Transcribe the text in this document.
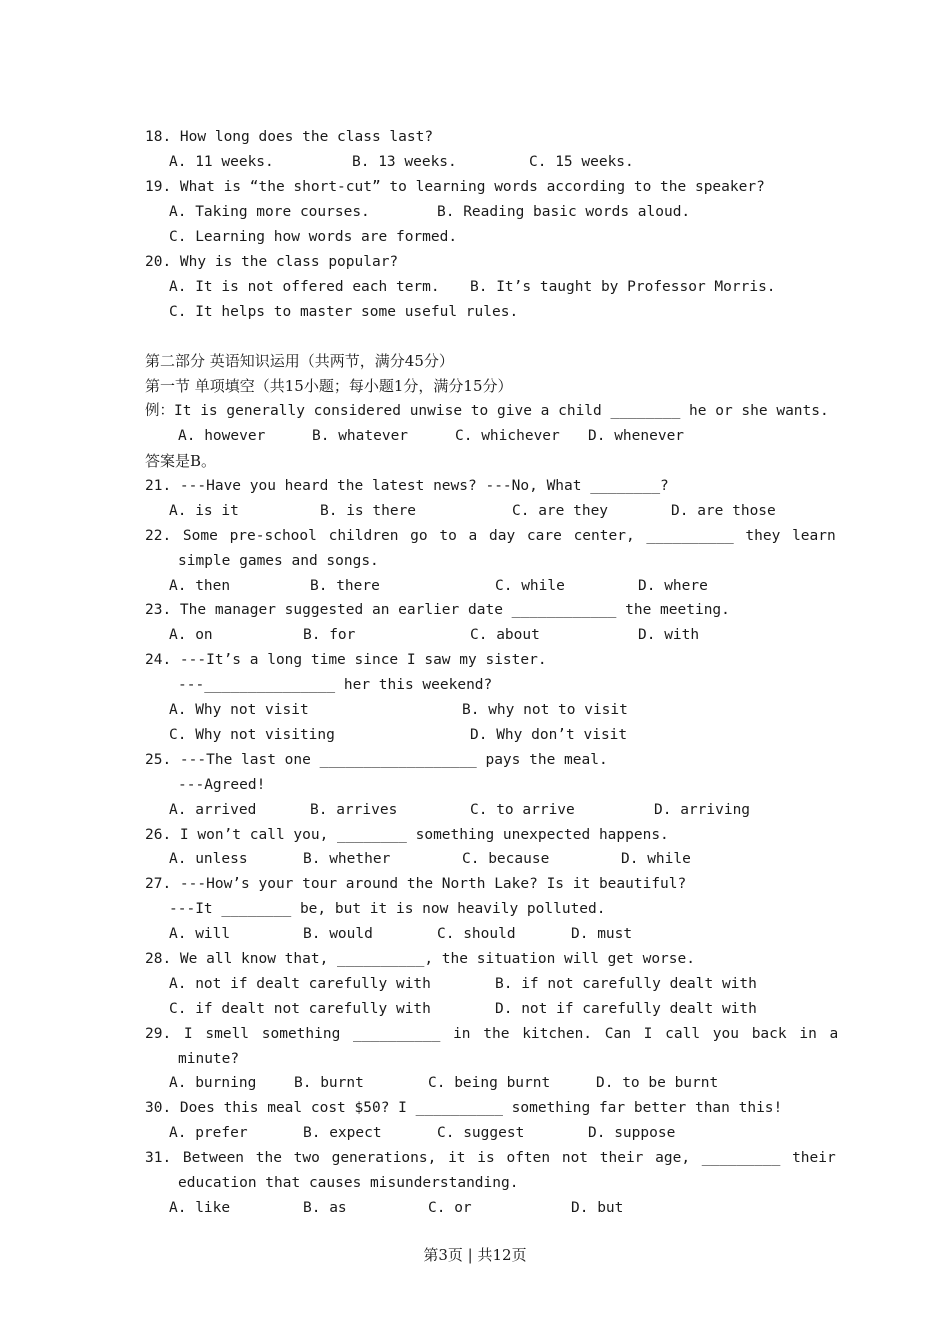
18. How long does the class last?
A. 11 weeks.	B. 13 weeks.	C. 15 weeks.
19. What is “the short-cut” to learning words according to the speaker?
A. Taking more courses.	B. Reading basic words aloud.
C. Learning how words are formed.
20. Why is the class popular?
A. It is not offered each term. B. It’s taught by Professor Morris.
C. It helps to master some useful rules.
第二部分 英语知识运用（共两节，满分45分）
第一节 单项填空（共15小题；每小题1分，满分15分）
例：It is generally considered unwise to give a child ________ he or she wants.
A. however	B. whatever	C. whichever D. whenever
答案是B。
21. ---Have you heard the latest news? ---No, What ________?
A. is it	B. is there	C. are they	D. are those
22. Some pre-school children go to a day care center, __________ they learn
simple games and songs.
A. then	B. there	C. while	D. where
23. The manager suggested an earlier date ____________ the meeting.
A. on	B. for	C. about	D. with
24. ---It’s a long time since I saw my sister.
---_______________ her this weekend?
A. Why not visit	B. why not to visit
C. Why not visiting	D. Why don’t visit
25. ---The last one __________________ pays the meal.
---Agreed!
A. arrived	B. arrives	C. to arrive	D. arriving
26. I won’t call you, ________ something unexpected happens.
A. unless	B. whether	C. because	D. while
27. ---How’s your tour around the North Lake? Is it beautiful?
---It ________ be, but it is now heavily polluted.
A. will	B. would	C. should	D. must
28. We all know that, __________, the situation will get worse.
A. not if dealt carefully with	B. if not carefully dealt with
C. if dealt not carefully with	D. not if carefully dealt with
29. I smell something __________ in the kitchen. Can I call you back in a
minute?
A. burning	B. burnt	C. being burnt	D. to be burnt
30. Does this meal cost $50? I __________ something far better than this!
A. prefer	B. expect	C. suggest	D. suppose
31. Between the two generations, it is often not their age, _________ their
education that causes misunderstanding.
A. like	B. as	C. or	D. but
第3页 | 共12页
